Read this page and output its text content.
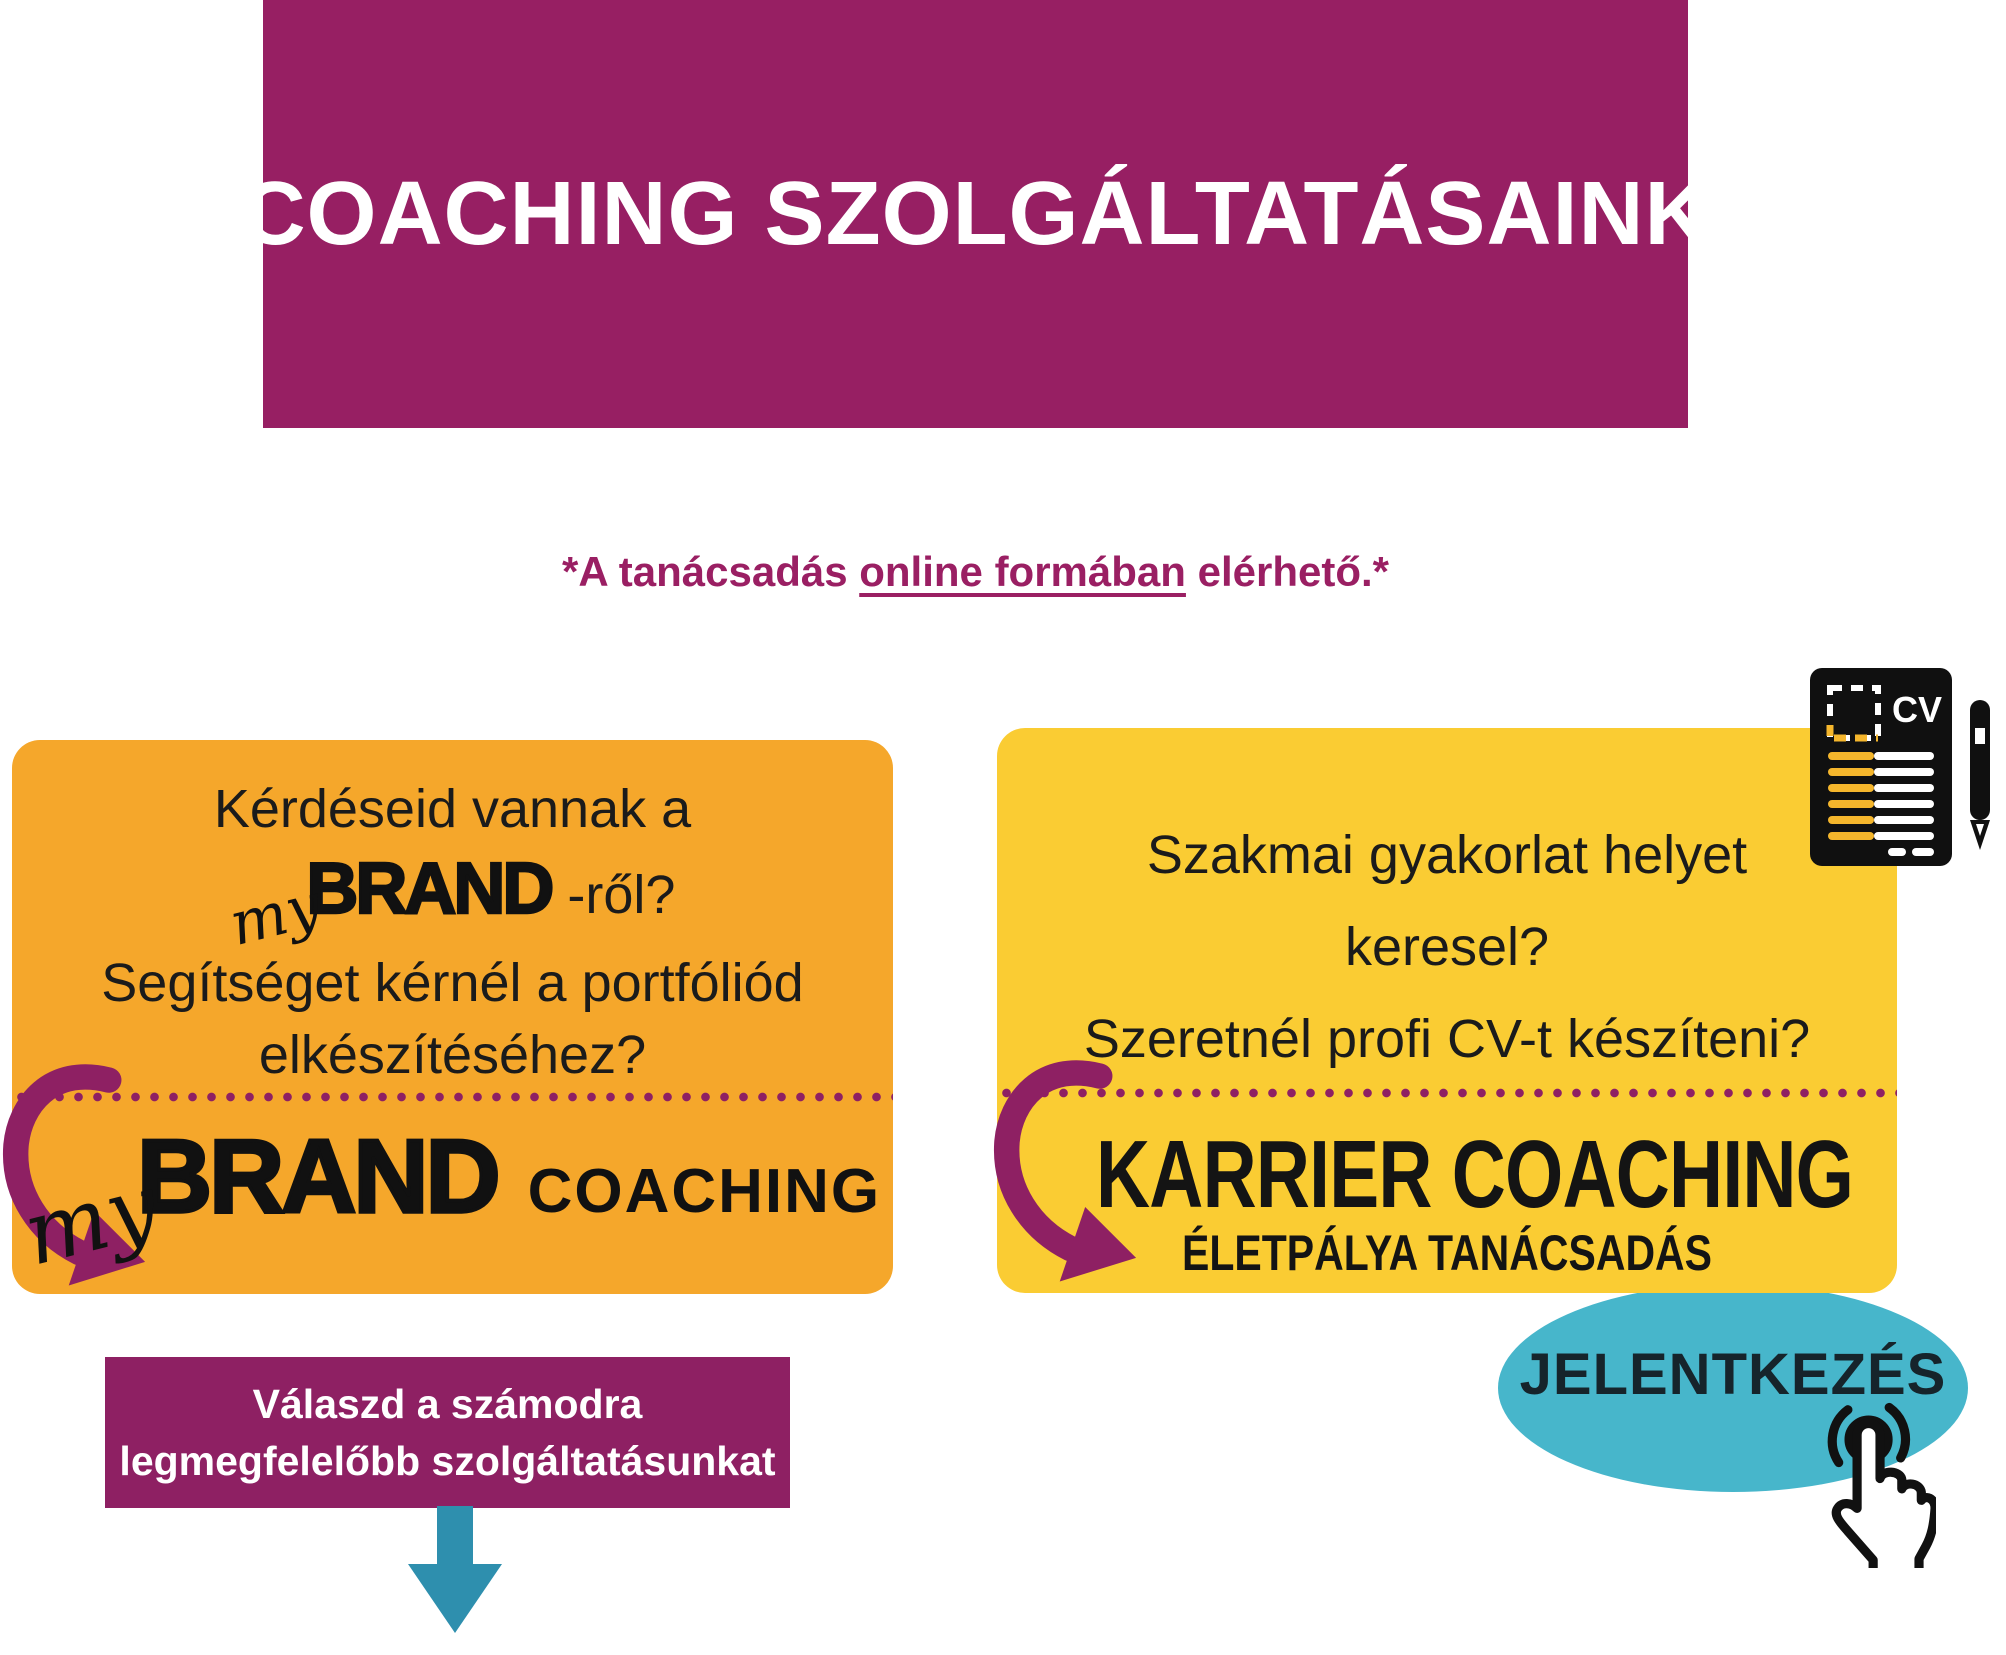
COACHING SZOLGÁLTATÁSAINK
*A tanácsadás online formában elérhető.*
Kérdéseid vannak a
myBRAND -ről?
Segítséget kérnél a portfóliód
elkészítéséhez?
myBRAND COACHING
Szakmai gyakorlat helyet
keresel?
Szeretnél profi CV-t készíteni?
KARRIER COACHING
ÉLETPÁLYA TANÁCSADÁS
CV
Válaszd a számodra
legmegfelelőbb szolgáltatásunkat
JELENTKEZÉS
